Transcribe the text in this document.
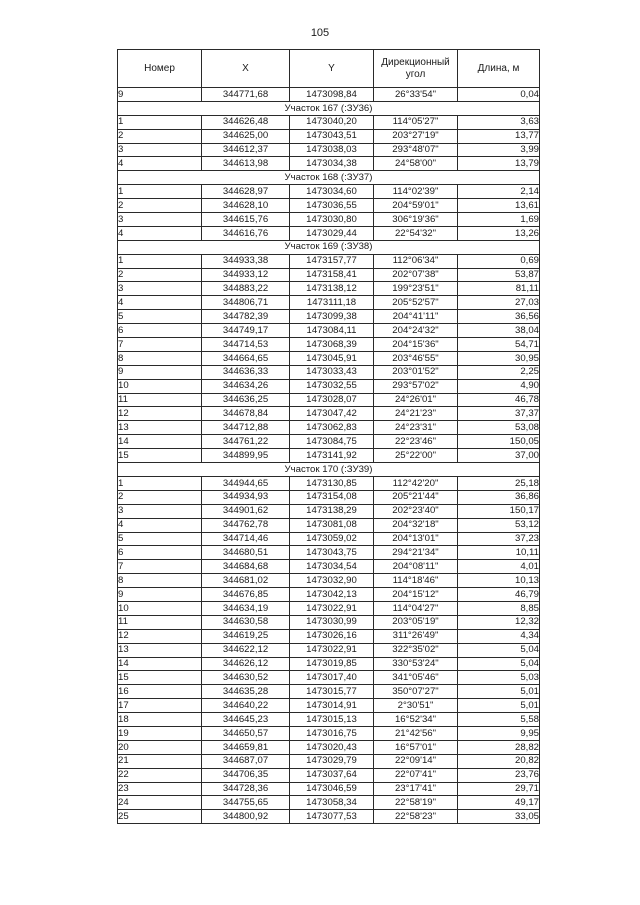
105
Номер	X	Y	Дирекционный угол	Длина, м
9	344771,68	1473098,84	26°33'54"	0,04
Участок 167 (:ЗУ36)				
1	344626,48	1473040,20	114°05'27"	3,63
2	344625,00	1473043,51	203°27'19"	13,77
3	344612,37	1473038,03	293°48'07"	3,99
4	344613,98	1473034,38	24°58'00"	13,79
Участок 168 (:ЗУ37)				
1	344628,97	1473034,60	114°02'39"	2,14
2	344628,10	1473036,55	204°59'01"	13,61
3	344615,76	1473030,80	306°19'36"	1,69
4	344616,76	1473029,44	22°54'32"	13,26
Участок 169 (:ЗУ38)				
1	344933,38	1473157,77	112°06'34"	0,69
2	344933,12	1473158,41	202°07'38"	53,87
3	344883,22	1473138,12	199°23'51"	81,11
4	344806,71	1473111,18	205°52'57"	27,03
5	344782,39	1473099,38	204°41'11"	36,56
6	344749,17	1473084,11	204°24'32"	38,04
7	344714,53	1473068,39	204°15'36"	54,71
8	344664,65	1473045,91	203°46'55"	30,95
9	344636,33	1473033,43	203°01'52"	2,25
10	344634,26	1473032,55	293°57'02"	4,90
11	344636,25	1473028,07	24°26'01"	46,78
12	344678,84	1473047,42	24°21'23"	37,37
13	344712,88	1473062,83	24°23'31"	53,08
14	344761,22	1473084,75	22°23'46"	150,05
15	344899,95	1473141,92	25°22'00"	37,00
Участок 170 (:ЗУ39)				
1	344944,65	1473130,85	112°42'20"	25,18
2	344934,93	1473154,08	205°21'44"	36,86
3	344901,62	1473138,29	202°23'40"	150,17
4	344762,78	1473081,08	204°32'18"	53,12
5	344714,46	1473059,02	204°13'01"	37,23
6	344680,51	1473043,75	294°21'34"	10,11
7	344684,68	1473034,54	204°08'11"	4,01
8	344681,02	1473032,90	114°18'46"	10,13
9	344676,85	1473042,13	204°15'12"	46,79
10	344634,19	1473022,91	114°04'27"	8,85
11	344630,58	1473030,99	203°05'19"	12,32
12	344619,25	1473026,16	311°26'49"	4,34
13	344622,12	1473022,91	322°35'02"	5,04
14	344626,12	1473019,85	330°53'24"	5,04
15	344630,52	1473017,40	341°05'46"	5,03
16	344635,28	1473015,77	350°07'27"	5,01
17	344640,22	1473014,91	2°30'51"	5,01
18	344645,23	1473015,13	16°52'34"	5,58
19	344650,57	1473016,75	21°42'56"	9,95
20	344659,81	1473020,43	16°57'01"	28,82
21	344687,07	1473029,79	22°09'14"	20,82
22	344706,35	1473037,64	22°07'41"	23,76
23	344728,36	1473046,59	23°17'41"	29,71
24	344755,65	1473058,34	22°58'19"	49,17
25	344800,92	1473077,53	22°58'23"	33,05
